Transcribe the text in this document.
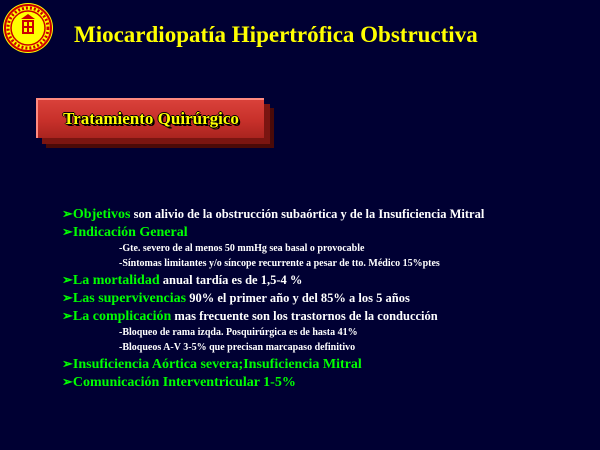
Miocardiopatía Hipertrófica Obstructiva
Tratamiento Quirúrgico
➢Objetivos son alivio de la obstrucción subaórtica y de la Insuficiencia Mitral
➢Indicación General
-Gte. severo de al menos 50 mmHg sea basal o provocable
-Síntomas limitantes y/o síncope recurrente a pesar de tto. Médico 15%ptes
➢La mortalidad anual tardía es de 1,5-4 %
➢Las supervivencias 90% el primer año y del 85% a los 5 años
➢La complicación mas frecuente son los trastornos de la conducción
-Bloqueo de rama izqda. Posquirúrgica es de hasta 41%
-Bloqueos A-V 3-5% que precisan marcapaso definitivo
➢Insuficiencia Aórtica severa;Insuficiencia Mitral
➢Comunicación Interventricular 1-5%
